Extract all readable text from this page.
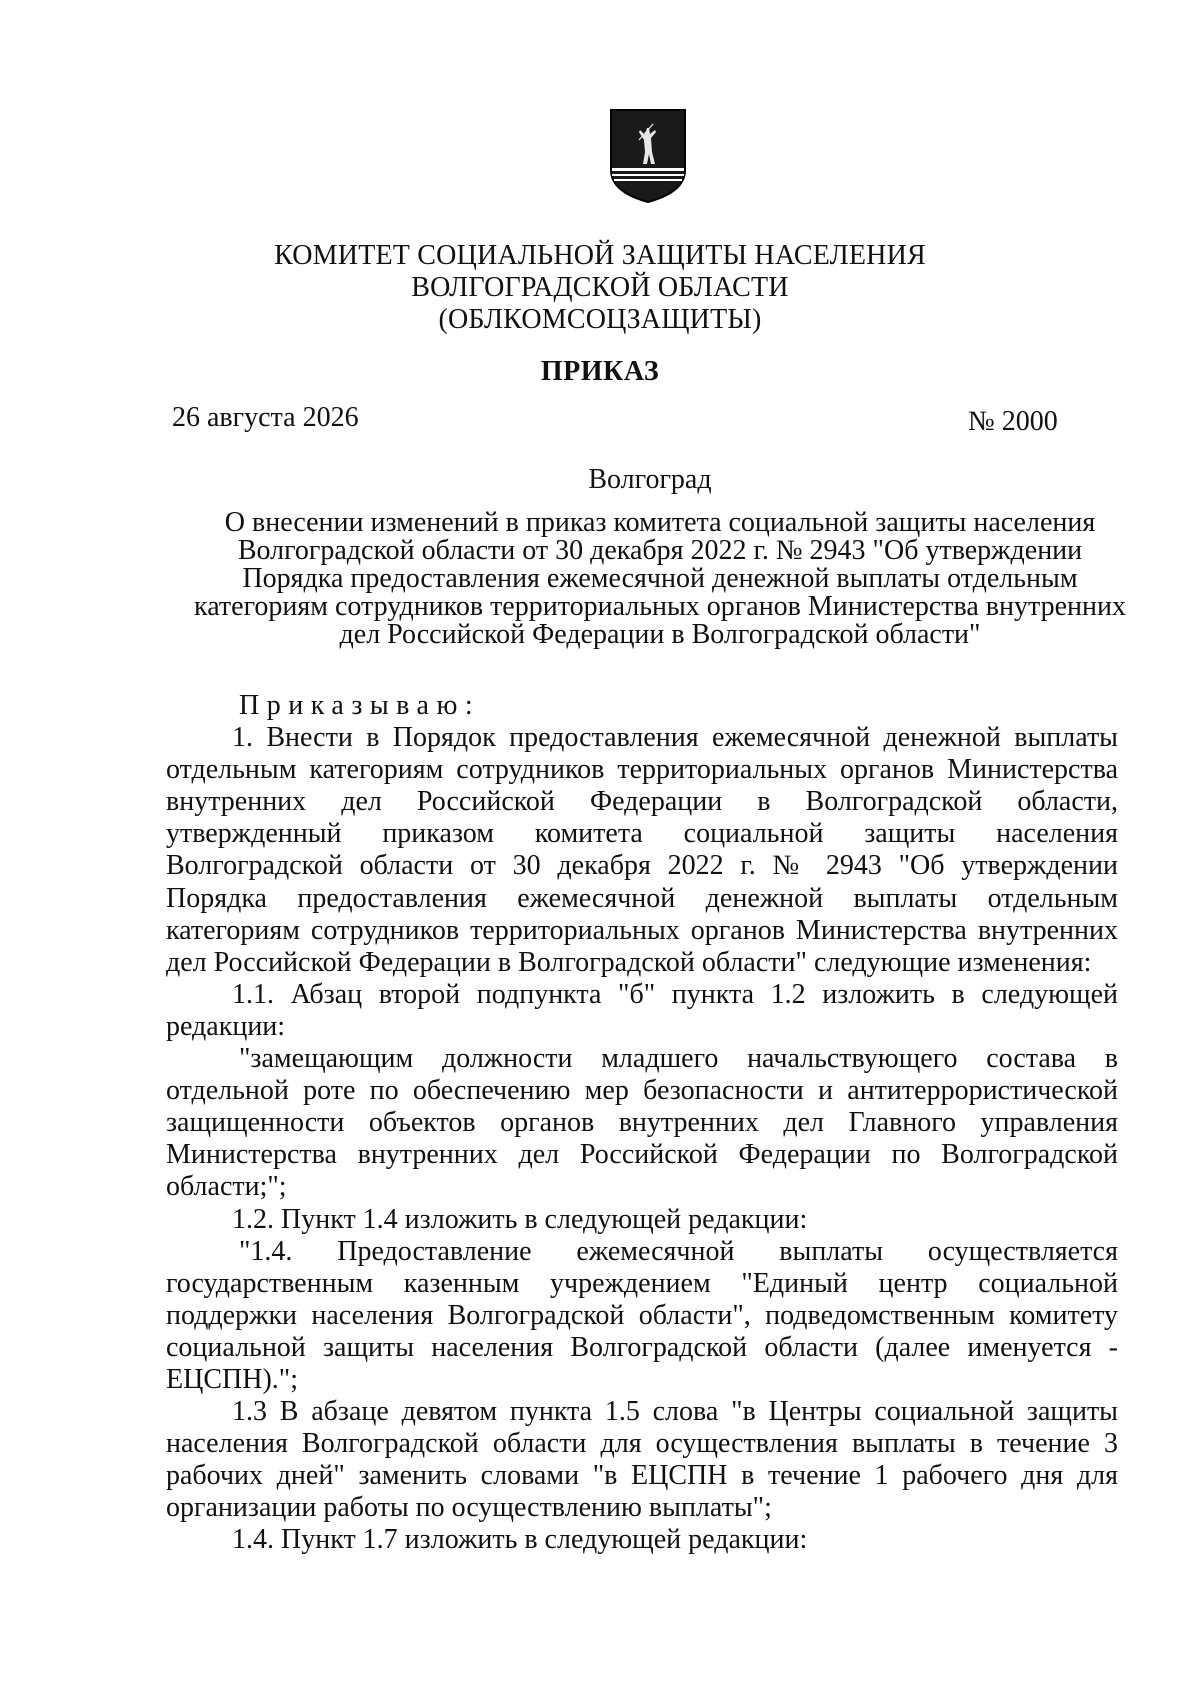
КОМИТЕТ СОЦИАЛЬНОЙ ЗАЩИТЫ НАСЕЛЕНИЯ
ВОЛГОГРАДСКОЙ ОБЛАСТИ
(ОБЛКОМСОЦЗАЩИТЫ)
ПРИКАЗ
26 августа 2026	№ 2000
Волгоград
О внесении изменений в приказ комитета социальной защиты населения
Волгоградской области от 30 декабря 2022 г. № 2943 "Об утверждении
Порядка предоставления ежемесячной денежной выплаты отдельным
категориям сотрудников территориальных органов Министерства внутренних
дел Российской Федерации в Волгоградской области"

Приказываю:

1. Внести в Порядок предоставления ежемесячной денежной выплаты отдельным категориям сотрудников территориальных органов Министерства внутренних дел Российской Федерации в Волгоградской области, утвержденный приказом комитета социальной защиты населения Волгоградской области от 30 декабря 2022 г. № 2943 "Об утверждении Порядка предоставления ежемесячной денежной выплаты отдельным категориям сотрудников территориальных органов Министерства внутренних дел Российской Федерации в Волгоградской области" следующие изменения:

1.1. Абзац второй подпункта "б" пункта 1.2 изложить в следующей редакции:

"замещающим должности младшего начальствующего состава в отдельной роте по обеспечению мер безопасности и антитеррористической защищенности объектов органов внутренних дел Главного управления Министерства внутренних дел Российской Федерации по Волгоградской области;";

1.2. Пункт 1.4 изложить в следующей редакции:

"1.4. Предоставление ежемесячной выплаты осуществляется государственным казенным учреждением "Единый центр социальной поддержки населения Волгоградской области", подведомственным комитету социальной защиты населения Волгоградской области (далее именуется - ЕЦСПН).";

1.3 В абзаце девятом пункта 1.5 слова "в Центры социальной защиты населения Волгоградской области для осуществления выплаты в течение 3 рабочих дней" заменить словами "в ЕЦСПН в течение 1 рабочего дня для организации работы по осуществлению выплаты";

1.4. Пункт 1.7 изложить в следующей редакции:
